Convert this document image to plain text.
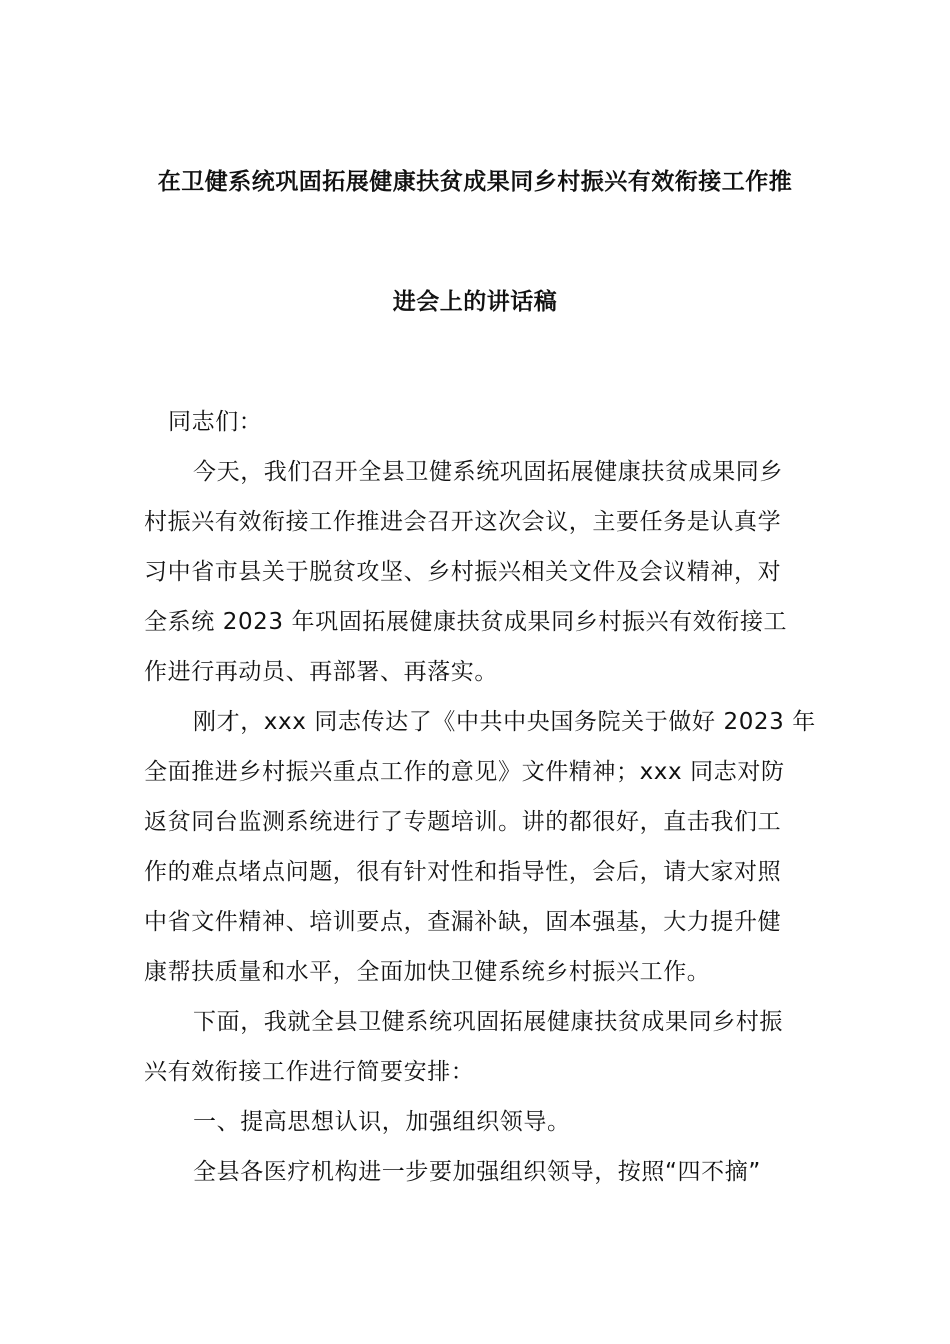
在卫健系统巩固拓展健康扶贫成果同乡村振兴有效衔接工作推
进会上的讲话稿
同志们：
今天，我们召开全县卫健系统巩固拓展健康扶贫成果同乡
村振兴有效衔接工作推进会召开这次会议，主要任务是认真学
习中省市县关于脱贫攻坚、乡村振兴相关文件及会议精神，对
全系统 2023 年巩固拓展健康扶贫成果同乡村振兴有效衔接工
作进行再动员、再部署、再落实。
刚才，xxx 同志传达了《中共中央国务院关于做好 2023 年
全面推进乡村振兴重点工作的意见》文件精神；xxx 同志对防
返贫同台监测系统进行了专题培训。讲的都很好，直击我们工
作的难点堵点问题，很有针对性和指导性，会后，请大家对照
中省文件精神、培训要点，查漏补缺，固本强基，大力提升健
康帮扶质量和水平，全面加快卫健系统乡村振兴工作。
下面，我就全县卫健系统巩固拓展健康扶贫成果同乡村振
兴有效衔接工作进行简要安排：
一、提高思想认识，加强组织领导。
全县各医疗机构进一步要加强组织领导，按照“四不摘”
